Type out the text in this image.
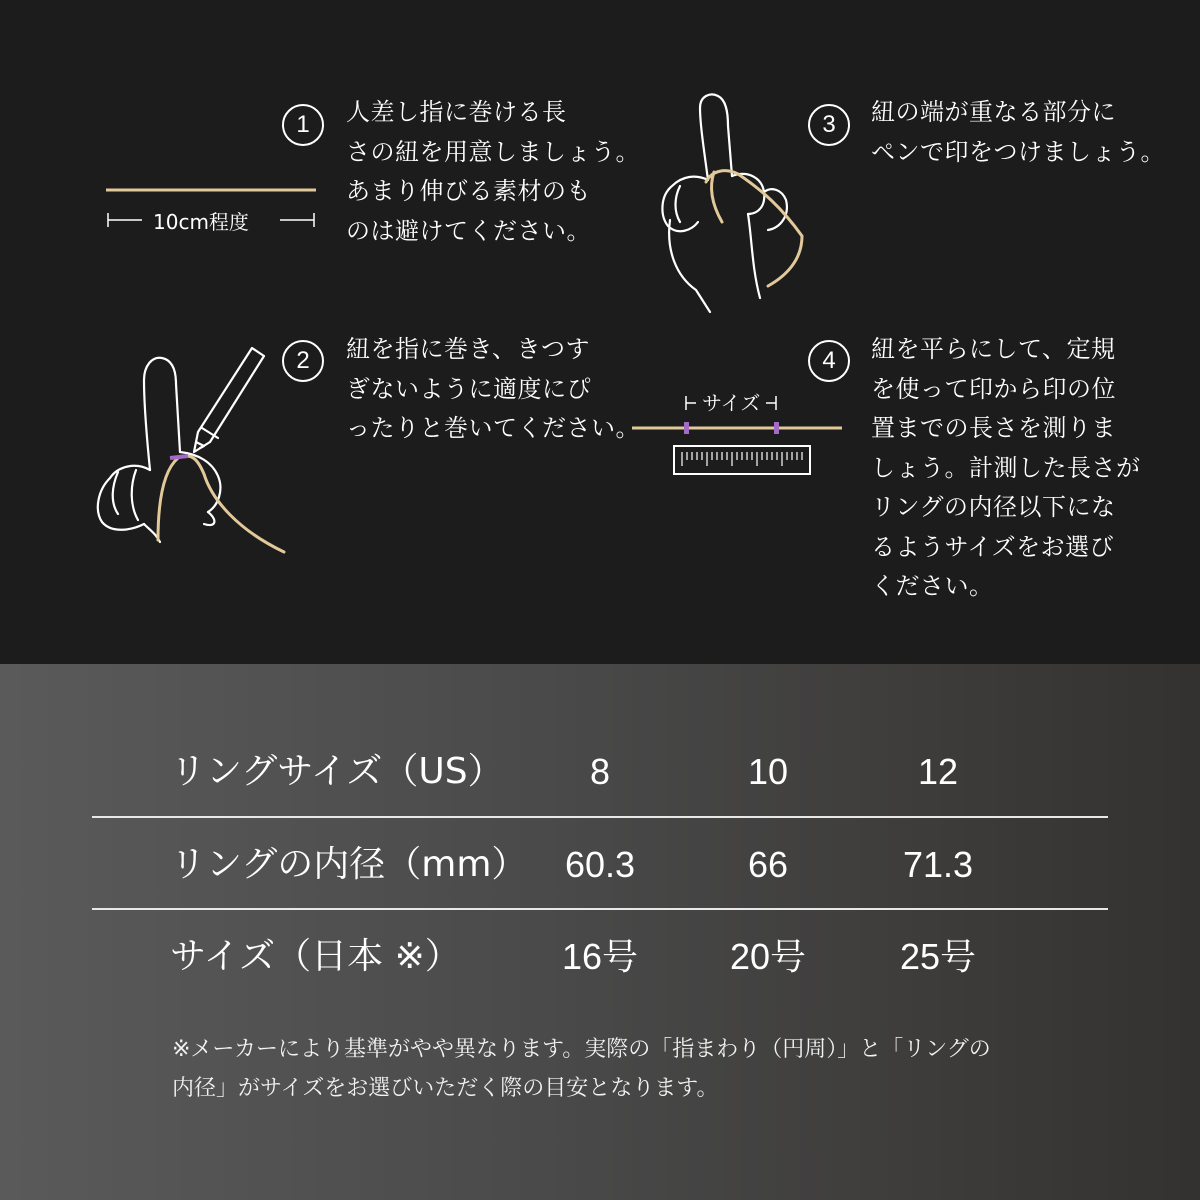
1	人差し指に巻ける長
さの紐を用意しましょう。
あまり伸びる素材のも
のは避けてください。
10cm程度
2	紐を指に巻き、きつす
ぎないように適度にぴ
ったりと巻いてください。
3	紐の端が重なる部分に
ペンで印をつけましょう。
4	紐を平らにして、定規
を使って印から印の位
置までの長さを測りま
しょう。計測した長さが
リングの内径以下にな
るようサイズをお選び
ください。
サイズ
リングサイズ（US）	8	10	12
リングの内径（mm）	60.3	66	71.3
サイズ（日本 ※）	16号	20号	25号
※メーカーにより基準がやや異なります。実際の「指まわり（円周）」と「リングの
内径」がサイズをお選びいただく際の目安となります。
